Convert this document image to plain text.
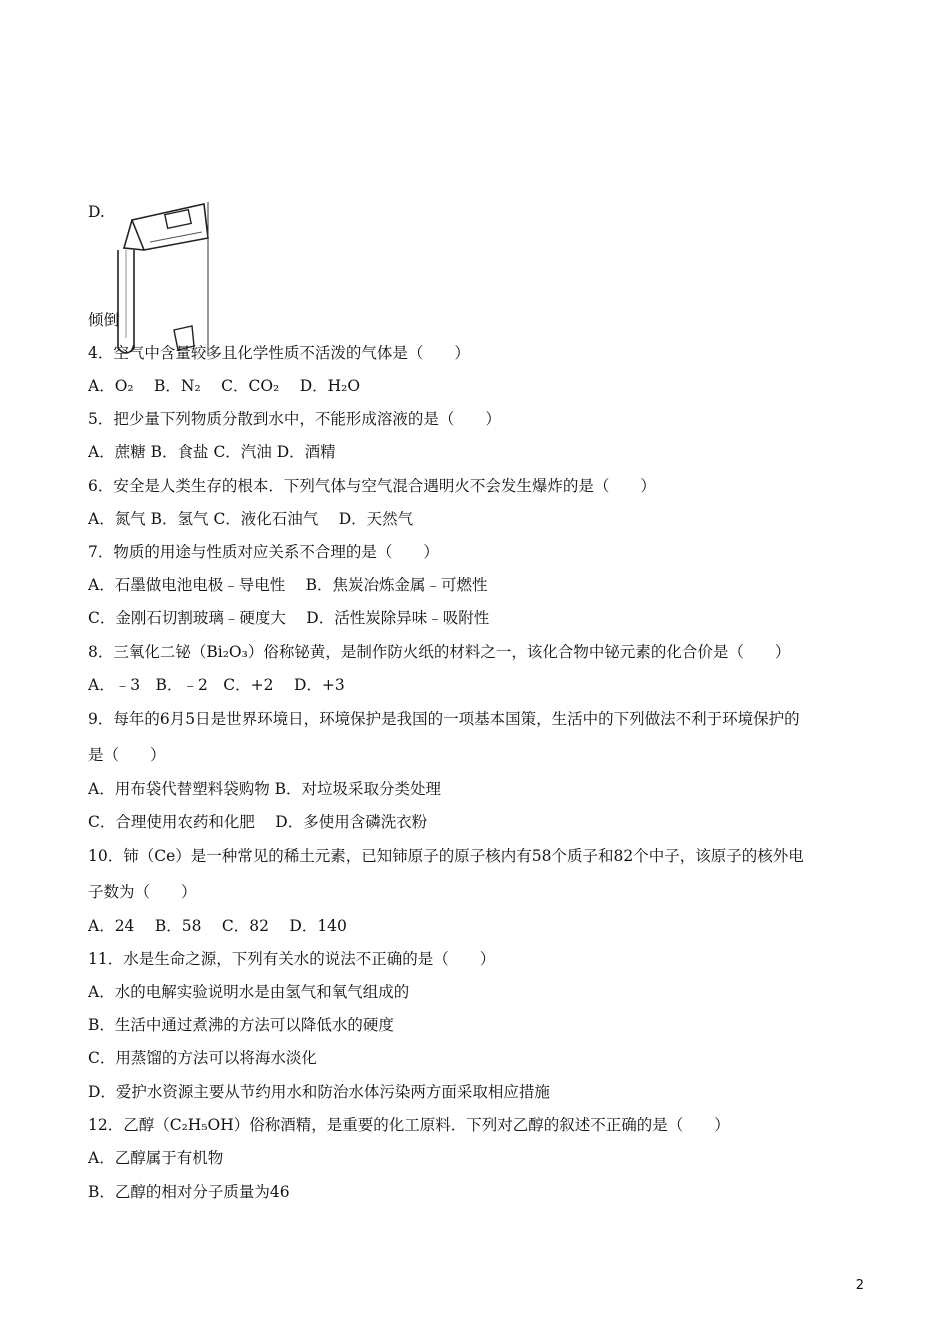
D.
倾倒
4．空气中含量较多且化学性质不活泼的气体是（　　）
A．O₂　 B．N₂　 C．CO₂　 D．H₂O
5．把少量下列物质分散到水中，不能形成溶液的是（　　）
A．蔗糖 B．食盐 C．汽油 D．酒精
6．安全是人类生存的根本．下列气体与空气混合遇明火不会发生爆炸的是（　　）
A．氮气 B．氢气 C．液化石油气　 D．天然气
7．物质的用途与性质对应关系不合理的是（　　）
A．石墨做电池电极﹣导电性　 B．焦炭冶炼金属﹣可燃性
C．金刚石切割玻璃﹣硬度大　 D．活性炭除异味﹣吸附性
8．三氧化二铋（Bi₂O₃）俗称铋黄，是制作防火纸的材料之一，该化合物中铋元素的化合价是（　　）
A．﹣3　B．﹣2　C．+2　 D．+3
9．每年的6月5日是世界环境日，环境保护是我国的一项基本国策，生活中的下列做法不利于环境保护的
是（　　）
A．用布袋代替塑料袋购物 B．对垃圾采取分类处理
C．合理使用农药和化肥　 D．多使用含磷洗衣粉
10．铈（Ce）是一种常见的稀土元素，已知铈原子的原子核内有58个质子和82个中子，该原子的核外电
子数为（　　）
A．24　 B．58　 C．82　 D．140
11．水是生命之源，下列有关水的说法不正确的是（　　）
A．水的电解实验说明水是由氢气和氧气组成的
B．生活中通过煮沸的方法可以降低水的硬度
C．用蒸馏的方法可以将海水淡化
D．爱护水资源主要从节约用水和防治水体污染两方面采取相应措施
12．乙醇（C₂H₅OH）俗称酒精，是重要的化工原料．下列对乙醇的叙述不正确的是（　　）
A．乙醇属于有机物
B．乙醇的相对分子质量为46
2
